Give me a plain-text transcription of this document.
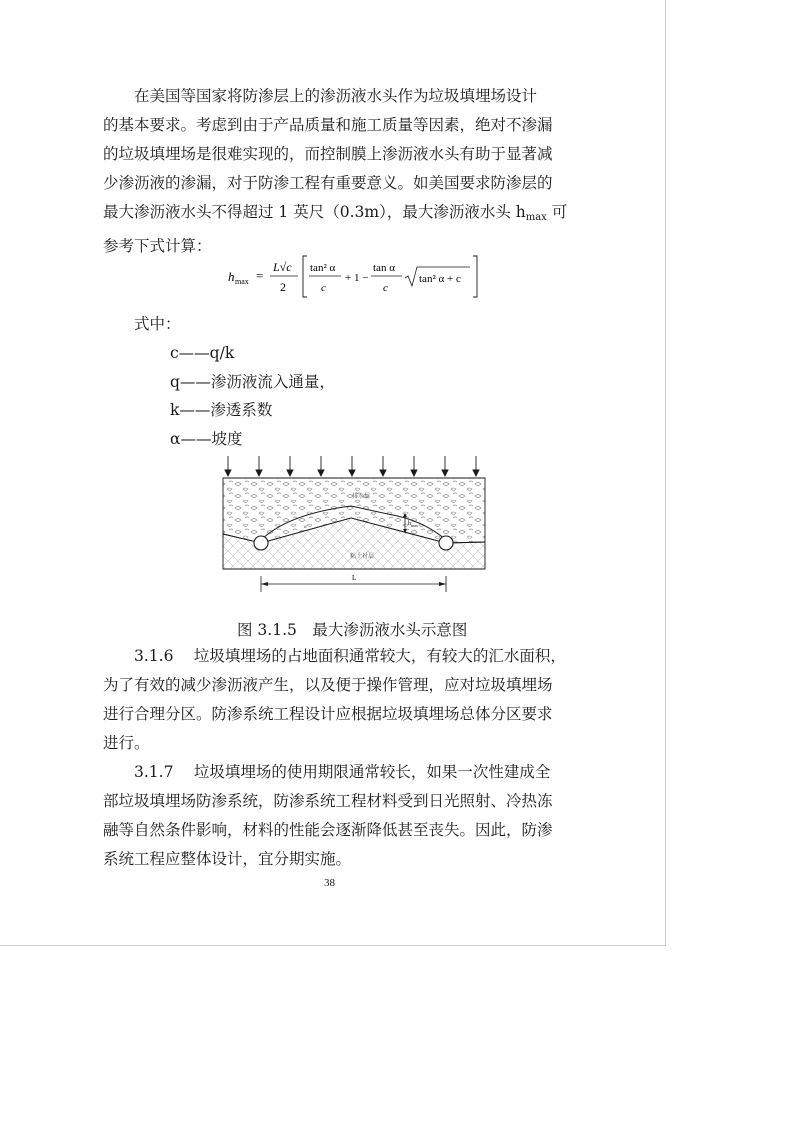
在美国等国家将防渗层上的渗沥液水头作为垃圾填埋场设计
的基本要求。考虑到由于产品质量和施工质量等因素，绝对不渗漏
的垃圾填埋场是很难实现的，而控制膜上渗沥液水头有助于显著减
少渗沥液的渗漏，对于防渗工程有重要意义。如美国要求防渗层的
最大渗沥液水头不得超过 1 英尺（0.3m），最大渗沥液水头 $h_{max}$ 可
参考下式计算：
h max =
L√c
2
tan² α
c
+ 1 −
tan α
c
tan² α + c
式中：
c——q/k
q——渗沥液流入通量，
k——渗透系数
α——坡度
h max
排水层
粘土衬层
α
L
图 3.1.5　最大渗沥液水头示意图
3.1.6　 垃圾填埋场的占地面积通常较大，有较大的汇水面积，
为了有效的减少渗沥液产生，以及便于操作管理，应对垃圾填埋场
进行合理分区。防渗系统工程设计应根据垃圾填埋场总体分区要求
进行。
3.1.7　 垃圾填埋场的使用期限通常较长，如果一次性建成全
部垃圾填埋场防渗系统，防渗系统工程材料受到日光照射、冷热冻
融等自然条件影响，材料的性能会逐渐降低甚至丧失。因此，防渗
系统工程应整体设计，宜分期实施。
38
